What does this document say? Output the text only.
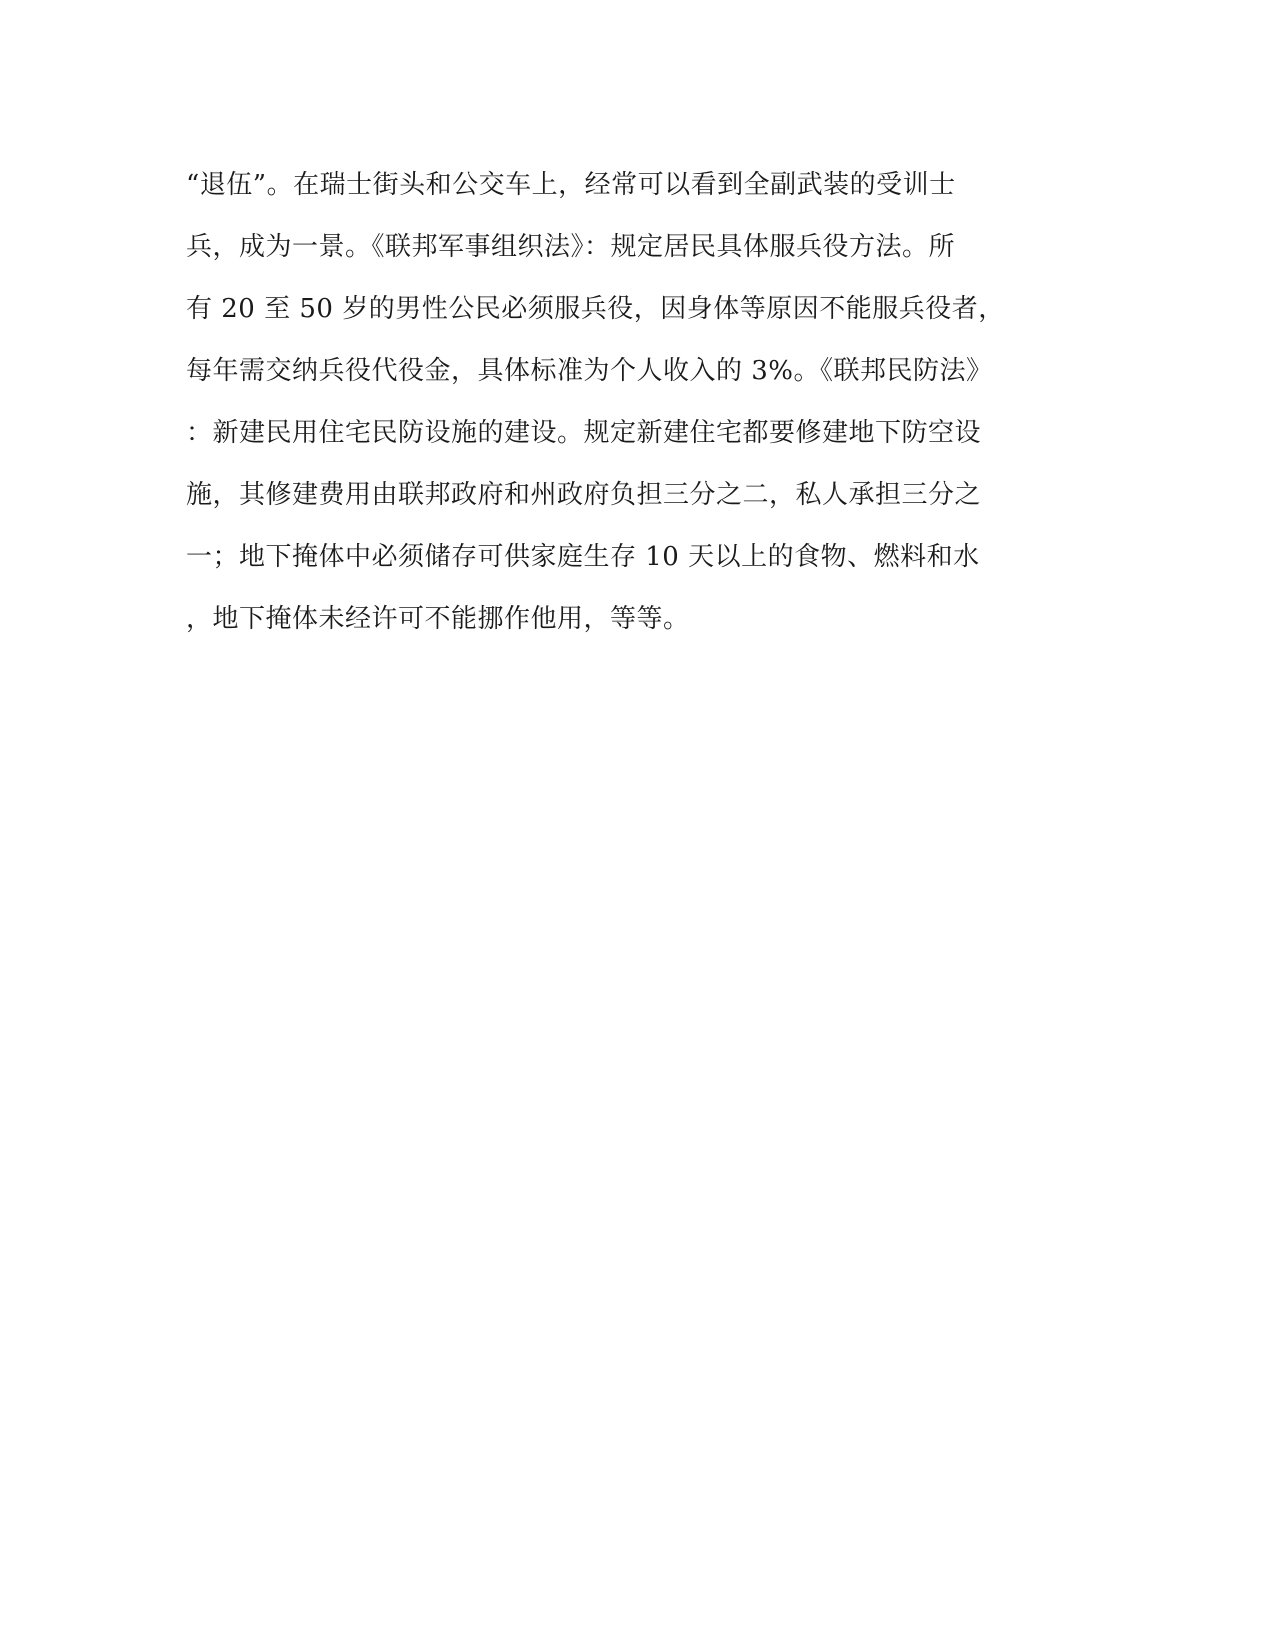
“退伍”。在瑞士街头和公交车上，经常可以看到全副武装的受训士
兵，成为一景。《联邦军事组织法》：规定居民具体服兵役方法。所
有 20 至 50 岁的男性公民必须服兵役，因身体等原因不能服兵役者，
每年需交纳兵役代役金，具体标准为个人收入的 3%。《联邦民防法》
：新建民用住宅民防设施的建设。规定新建住宅都要修建地下防空设
施，其修建费用由联邦政府和州政府负担三分之二，私人承担三分之
一；地下掩体中必须储存可供家庭生存 10 天以上的食物、燃料和水
，地下掩体未经许可不能挪作他用，等等。
